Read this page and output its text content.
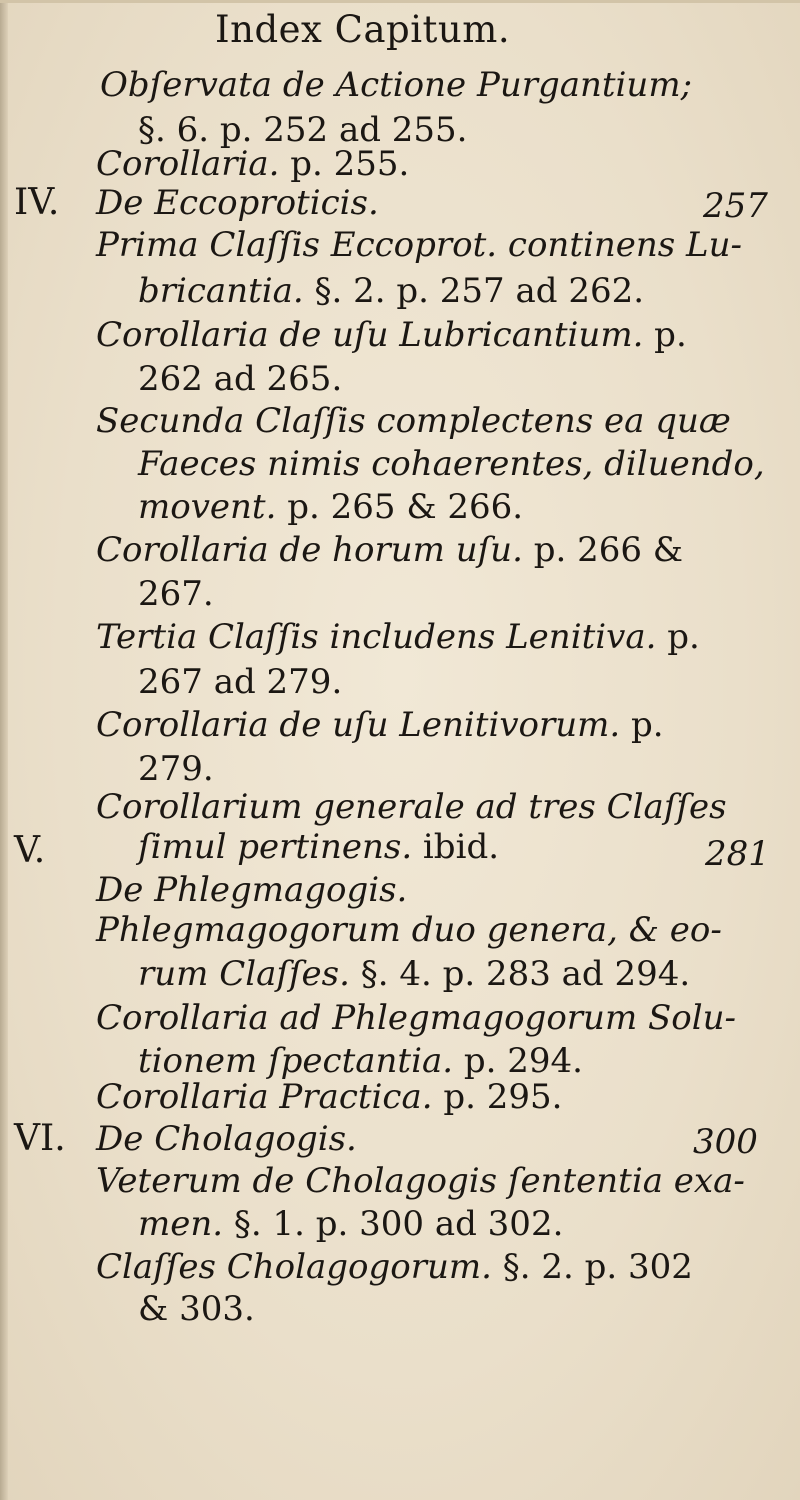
Index Capitum.
IV.
V.
VI.
257
281
300
Obſervata de Actione Purgantium;
§. 6. p. 252 ad 255.
Corollaria. p. 255.
De Eccoproticis.
Prima Claſſis Eccoprot. continens Lu-
bricantia. §. 2. p. 257 ad 262.
Corollaria de uſu Lubricantium. p.
262 ad 265.
Secunda Claſſis complectens ea quæ
Faeces nimis cohaerentes, diluendo,
movent. p. 265 & 266.
Corollaria de horum uſu. p. 266 &
267.
Tertia Claſſis includens Lenitiva. p.
267 ad 279.
Corollaria de uſu Lenitivorum. p.
279.
Corollarium generale ad tres Claſſes
ſimul pertinens. ibid.
De Phlegmagogis.
Phlegmagogorum duo genera, & eo-
rum Claſſes. §. 4. p. 283 ad 294.
Corollaria ad Phlegmagogorum Solu-
tionem ſpectantia. p. 294.
Corollaria Practica. p. 295.
De Cholagogis.
Veterum de Cholagogis ſententia exa-
men. §. 1. p. 300 ad 302.
Claſſes Cholagogorum. §. 2. p. 302
& 303.
